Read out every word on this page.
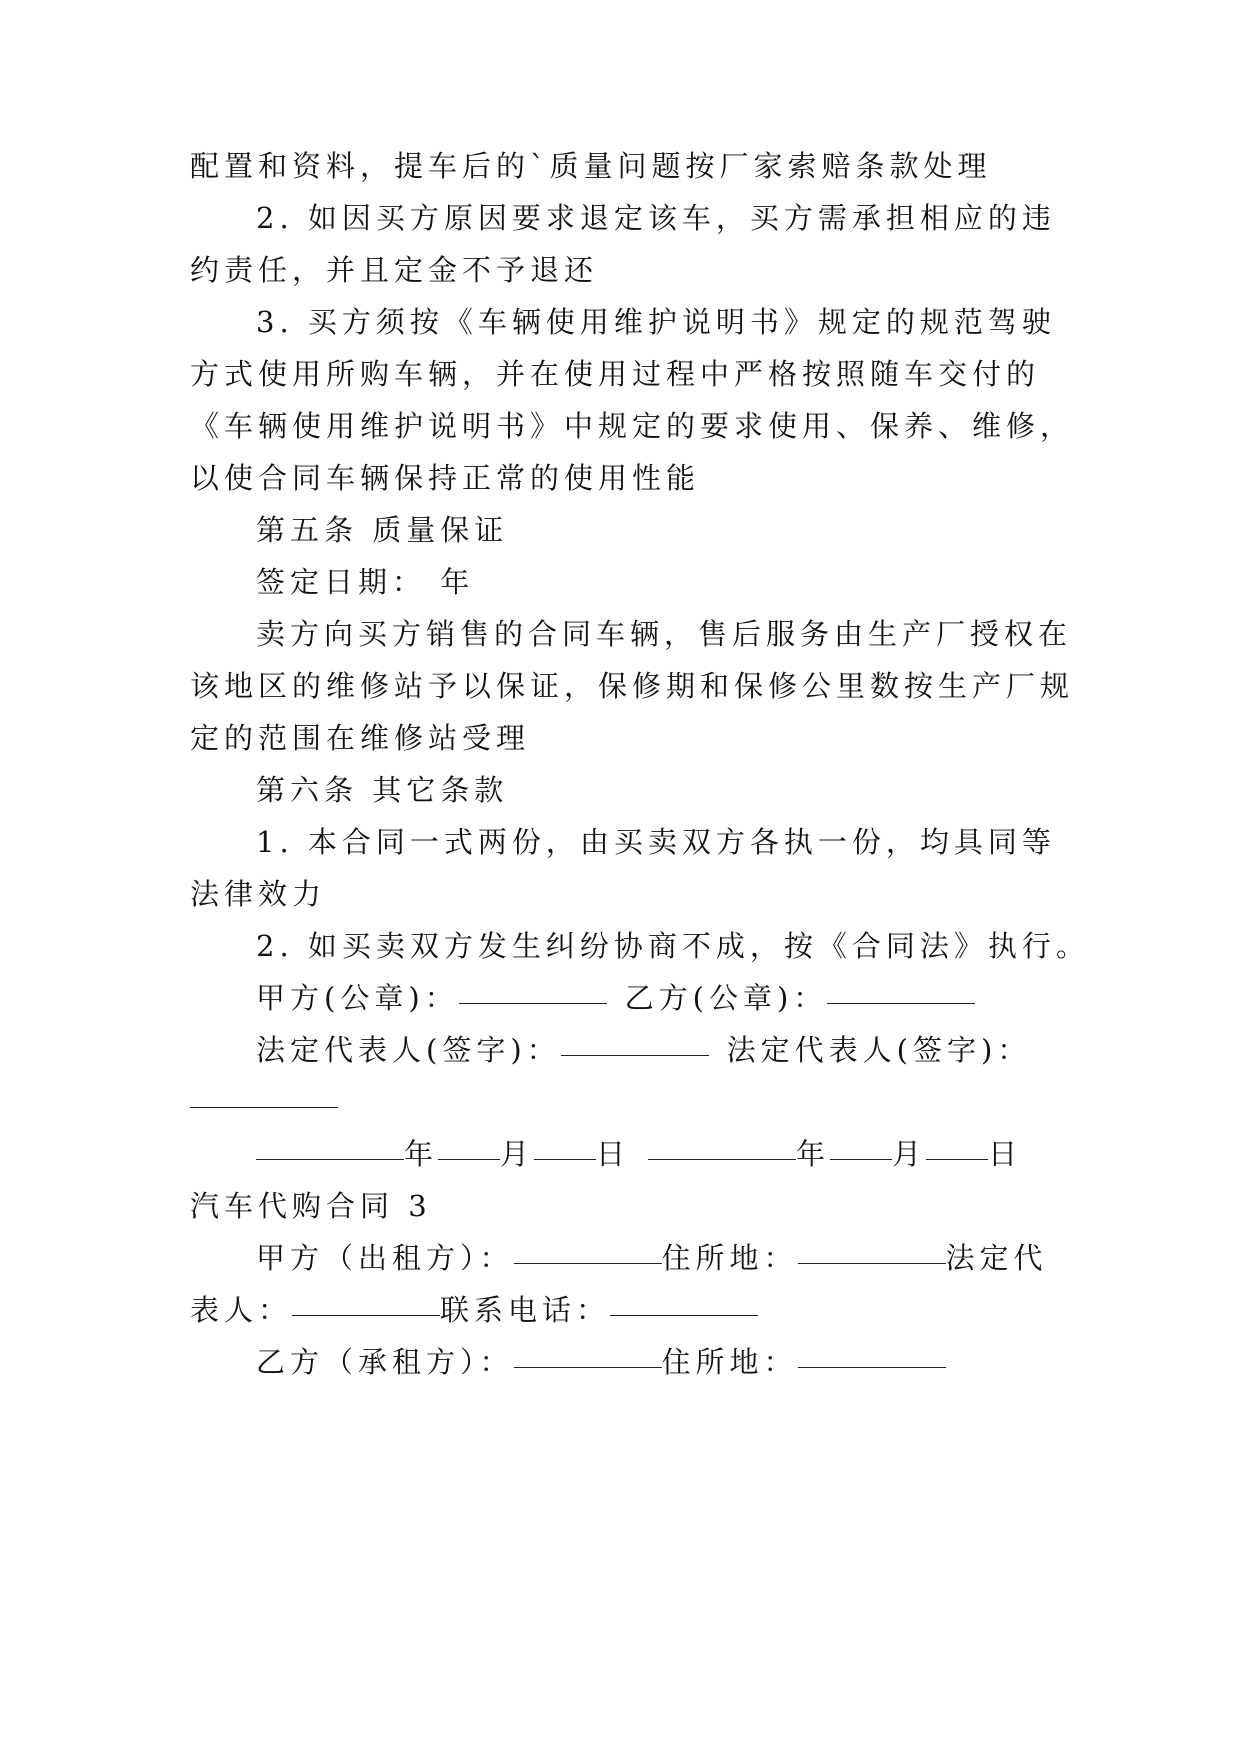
配置和资料，提车后的`质量问题按厂家索赔条款处理
2. 如因买方原因要求退定该车，买方需承担相应的违
约责任，并且定金不予退还
3. 买方须按《车辆使用维护说明书》规定的规范驾驶
方式使用所购车辆，并在使用过程中严格按照随车交付的
《车辆使用维护说明书》中规定的要求使用、保养、维修，
以使合同车辆保持正常的使用性能
第五条 质量保证
签定日期： 年
卖方向买方销售的合同车辆，售后服务由生产厂授权在
该地区的维修站予以保证，保修期和保修公里数按生产厂规
定的范围在维修站受理
第六条 其它条款
1. 本合同一式两份，由买卖双方各执一份，均具同等
法律效力
2. 如买卖双方发生纠纷协商不成，按《合同法》执行。
甲方(公章)：	乙方(公章)：
法定代表人(签字)：	法定代表人(签字)：
年 月 日	年 月 日
汽车代购合同 3
甲方（出租方）：	住所地：	法定代
表人：	联系电话：
乙方（承租方）：	住所地：
